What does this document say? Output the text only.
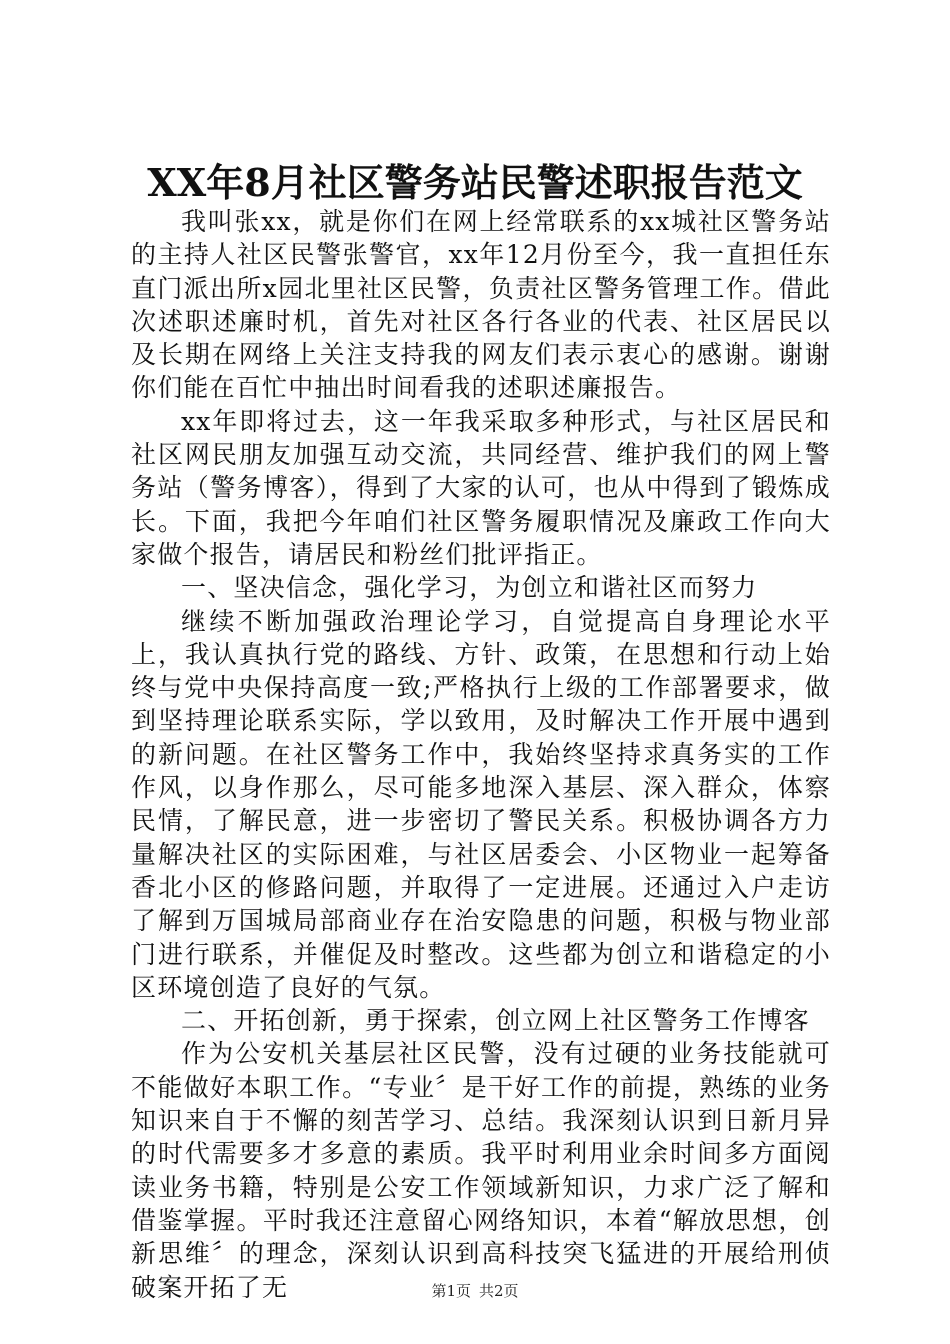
XX年8月社区警务站民警述职报告范文

我叫张xx，就是你们在网上经常联系的xx城社区警务站的主持人社区民警张警官，xx年12月份至今，我一直担任东直门派出所x园北里社区民警，负责社区警务管理工作。借此次述职述廉时机，首先对社区各行各业的代表、社区居民以及长期在网络上关注支持我的网友们表示衷心的感谢。谢谢你们能在百忙中抽出时间看我的述职述廉报告。

xx年即将过去，这一年我采取多种形式，与社区居民和社区网民朋友加强互动交流，共同经营、维护我们的网上警务站（警务博客），得到了大家的认可，也从中得到了锻炼成长。下面，我把今年咱们社区警务履职情况及廉政工作向大家做个报告，请居民和粉丝们批评指正。

一、坚决信念，强化学习，为创立和谐社区而努力

继续不断加强政治理论学习，自觉提高自身理论水平上，我认真执行党的路线、方针、政策，在思想和行动上始终与党中央保持高度一致;严格执行上级的工作部署要求，做到坚持理论联系实际，学以致用，及时解决工作开展中遇到的新问题。在社区警务工作中，我始终坚持求真务实的工作作风，以身作那么，尽可能多地深入基层、深入群众，体察民情，了解民意，进一步密切了警民关系。积极协调各方力量解决社区的实际困难，与社区居委会、小区物业一起筹备香北小区的修路问题，并取得了一定进展。还通过入户走访了解到万国城局部商业存在治安隐患的问题，积极与物业部门进行联系，并催促及时整改。这些都为创立和谐稳定的小区环境创造了良好的气氛。

二、开拓创新，勇于探索，创立网上社区警务工作博客

作为公安机关基层社区民警，没有过硬的业务技能就可不能做好本职工作。“专业〞是干好工作的前提，熟练的业务知识来自于不懈的刻苦学习、总结。我深刻认识到日新月异的时代需要多才多意的素质。我平时利用业余时间多方面阅读业务书籍，特别是公安工作领域新知识，力求广泛了解和借鉴掌握。平时我还注意留心网络知识，本着“解放思想，创新思维〞的理念，深刻认识到高科技突飞猛进的开展给刑侦破案开拓了无	第1页 共2页
